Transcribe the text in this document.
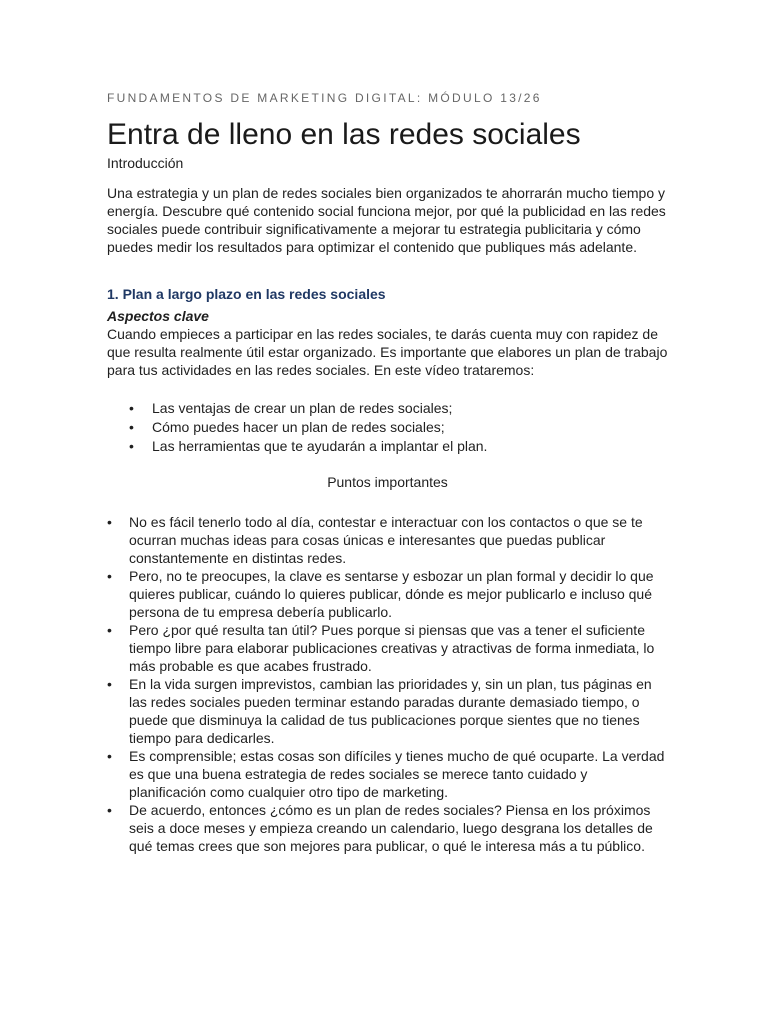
FUNDAMENTOS DE MARKETING DIGITAL: MÓDULO 13/26

Entra de lleno en las redes sociales

Introducción

Una estrategia y un plan de redes sociales bien organizados te ahorrarán mucho tiempo y energía. Descubre qué contenido social funciona mejor, por qué la publicidad en las redes sociales puede contribuir significativamente a mejorar tu estrategia publicitaria y cómo puedes medir los resultados para optimizar el contenido que publiques más adelante.

1. Plan a largo plazo en las redes sociales
Aspectos clave

Cuando empieces a participar en las redes sociales, te darás cuenta muy con rapidez de que resulta realmente útil estar organizado. Es importante que elabores un plan de trabajo para tus actividades en las redes sociales. En este vídeo trataremos:

• Las ventajas de crear un plan de redes sociales;
• Cómo puedes hacer un plan de redes sociales;
• Las herramientas que te ayudarán a implantar el plan.

Puntos importantes

• No es fácil tenerlo todo al día, contestar e interactuar con los contactos o que se te ocurran muchas ideas para cosas únicas e interesantes que puedas publicar constantemente en distintas redes.
• Pero, no te preocupes, la clave es sentarse y esbozar un plan formal y decidir lo que quieres publicar, cuándo lo quieres publicar, dónde es mejor publicarlo e incluso qué persona de tu empresa debería publicarlo.
• Pero ¿por qué resulta tan útil? Pues porque si piensas que vas a tener el suficiente tiempo libre para elaborar publicaciones creativas y atractivas de forma inmediata, lo más probable es que acabes frustrado.
• En la vida surgen imprevistos, cambian las prioridades y, sin un plan, tus páginas en las redes sociales pueden terminar estando paradas durante demasiado tiempo, o puede que disminuya la calidad de tus publicaciones porque sientes que no tienes tiempo para dedicarles.
• Es comprensible; estas cosas son difíciles y tienes mucho de qué ocuparte. La verdad es que una buena estrategia de redes sociales se merece tanto cuidado y planificación como cualquier otro tipo de marketing.
• De acuerdo, entonces ¿cómo es un plan de redes sociales? Piensa en los próximos seis a doce meses y empieza creando un calendario, luego desgrana los detalles de qué temas crees que son mejores para publicar, o qué le interesa más a tu público.
